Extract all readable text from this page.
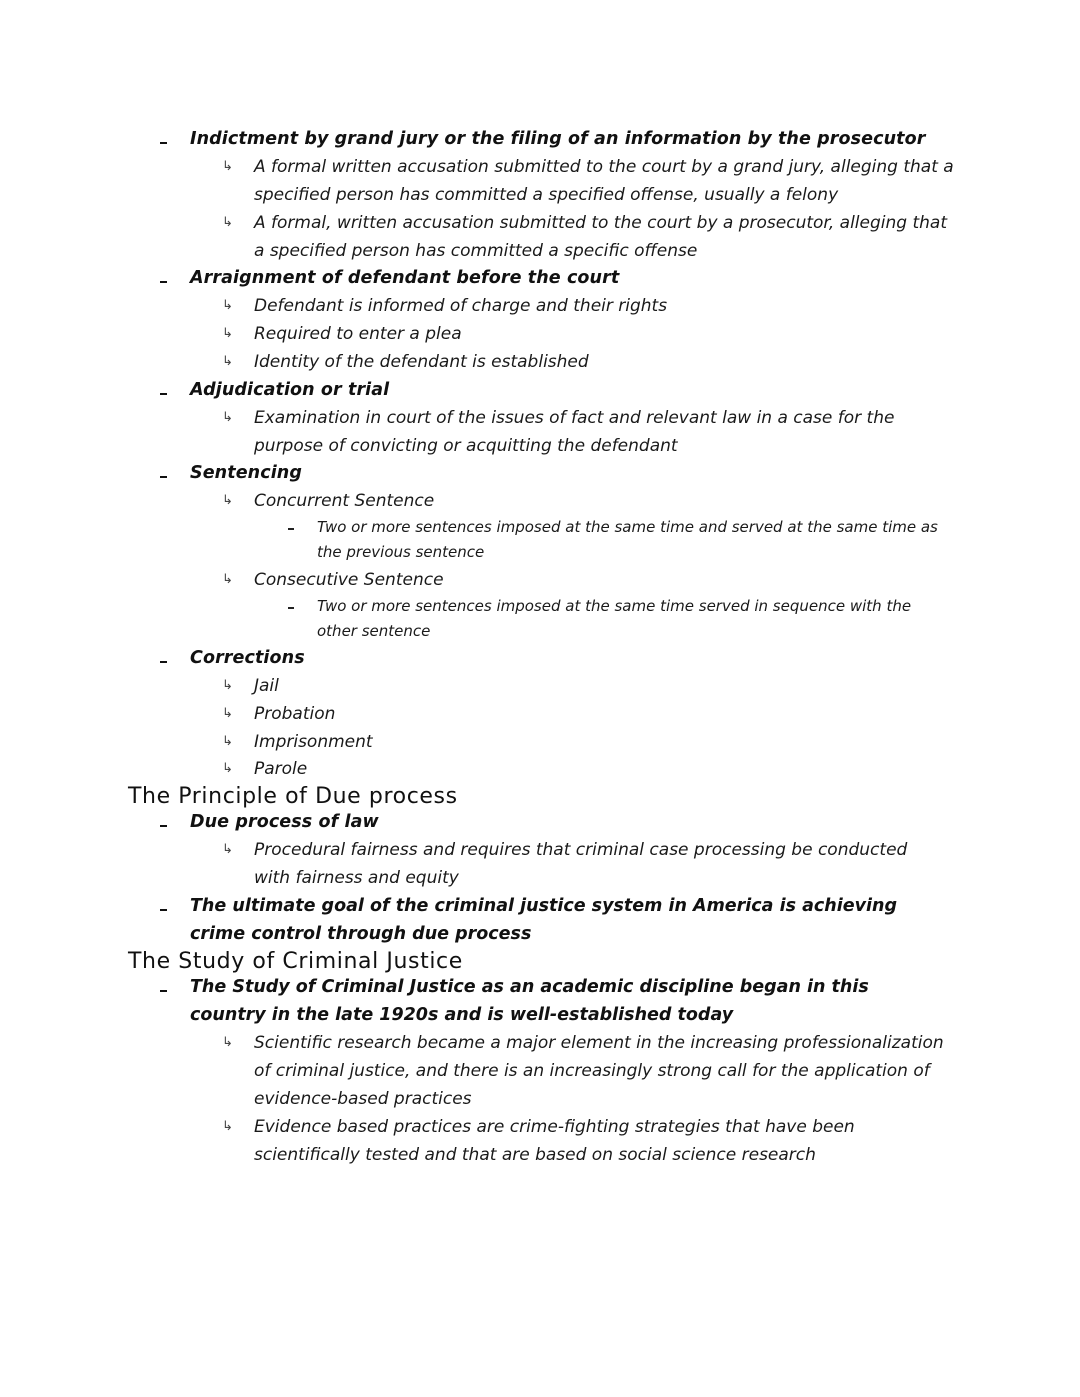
Indictment by grand jury or the filing of an information by the prosecutor
↳ A formal written accusation submitted to the court by a grand jury, alleging that a specified person has committed a specified offense, usually a felony
↳ A formal, written accusation submitted to the court by a prosecutor, alleging that a specified person has committed a specific offense
Arraignment of defendant before the court
↳ Defendant is informed of charge and their rights
↳ Required to enter a plea
↳ Identity of the defendant is established
Adjudication or trial
↳ Examination in court of the issues of fact and relevant law in a case for the purpose of convicting or acquitting the defendant
Sentencing
↳ Concurrent Sentence
Two or more sentences imposed at the same time and served at the same time as the previous sentence
↳ Consecutive Sentence
Two or more sentences imposed at the same time served in sequence with the other sentence
Corrections
↳ Jail
↳ Probation
↳ Imprisonment
↳ Parole
The Principle of Due process
Due process of law
↳ Procedural fairness and requires that criminal case processing be conducted with fairness and equity
The ultimate goal of the criminal justice system in America is achieving crime control through due process
The Study of Criminal Justice
The Study of Criminal Justice as an academic discipline began in this country in the late 1920s and is well-established today
↳ Scientific research became a major element in the increasing professionalization of criminal justice, and there is an increasingly strong call for the application of evidence-based practices
↳ Evidence based practices are crime-fighting strategies that have been scientifically tested and that are based on social science research
